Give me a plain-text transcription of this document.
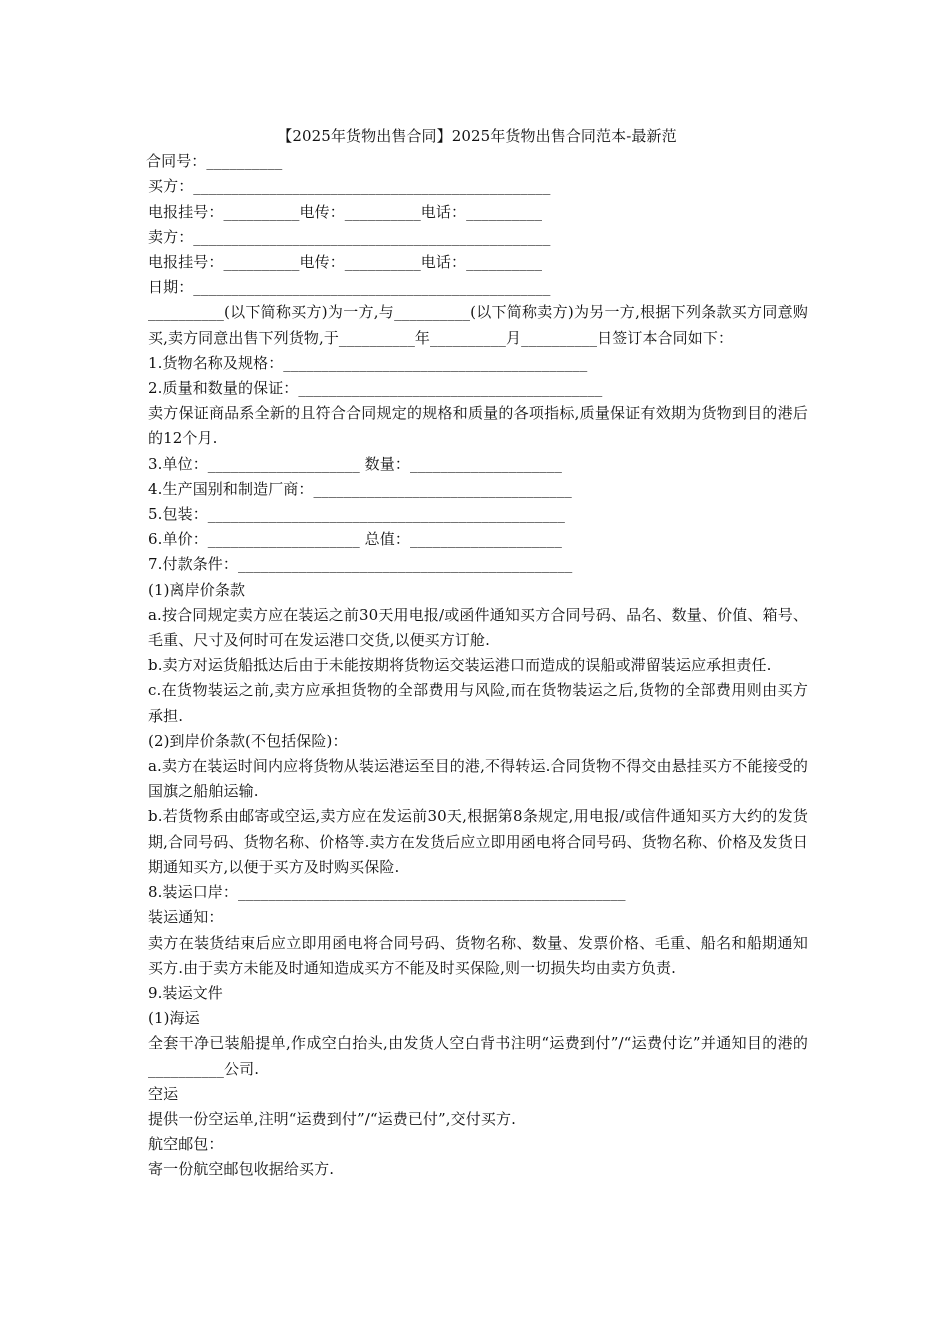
【2025年货物出售合同】2025年货物出售合同范本-最新范
合同号：__________
买方：_______________________________________________
电报挂号：__________电传：__________电话：__________
卖方：_______________________________________________
电报挂号：__________电传：__________电话：__________
日期：_______________________________________________
__________(以下简称买方)为一方,与__________(以下简称卖方)为另一方,根据下列条款买方同意购买,卖方同意出售下列货物,于__________年__________月__________日签订本合同如下：
1.货物名称及规格：________________________________________
2.质量和数量的保证：________________________________________
卖方保证商品系全新的且符合合同规定的规格和质量的各项指标,质量保证有效期为货物到目的港后的12个月.
3.单位：____________________ 数量：____________________
4.生产国别和制造厂商：__________________________________
5.包装：_______________________________________________
6.单价：____________________ 总值：____________________
7.付款条件：____________________________________________
(1)离岸价条款
a.按合同规定卖方应在装运之前30天用电报/或函件通知买方合同号码、品名、数量、价值、箱号、毛重、尺寸及何时可在发运港口交货,以便买方订舱.
b.卖方对运货船抵达后由于未能按期将货物运交装运港口而造成的误船或滞留装运应承担责任.
c.在货物装运之前,卖方应承担货物的全部费用与风险,而在货物装运之后,货物的全部费用则由买方承担.
(2)到岸价条款(不包括保险)：
a.卖方在装运时间内应将货物从装运港运至目的港,不得转运.合同货物不得交由悬挂买方不能接受的国旗之船舶运输.
b.若货物系由邮寄或空运,卖方应在发运前30天,根据第8条规定,用电报/或信件通知买方大约的发货期,合同号码、货物名称、价格等.卖方在发货后应立即用函电将合同号码、货物名称、价格及发货日期通知买方,以便于买方及时购买保险.
8.装运口岸：___________________________________________________
装运通知：
卖方在装货结束后应立即用函电将合同号码、货物名称、数量、发票价格、毛重、船名和船期通知买方.由于卖方未能及时通知造成买方不能及时买保险,则一切损失均由卖方负责.
9.装运文件
(1)海运
全套干净已装船提单,作成空白抬头,由发货人空白背书注明“运费到付”/“运费付讫”并通知目的港的__________公司.
空运
提供一份空运单,注明“运费到付”/“运费已付”,交付买方.
航空邮包：
寄一份航空邮包收据给买方.
